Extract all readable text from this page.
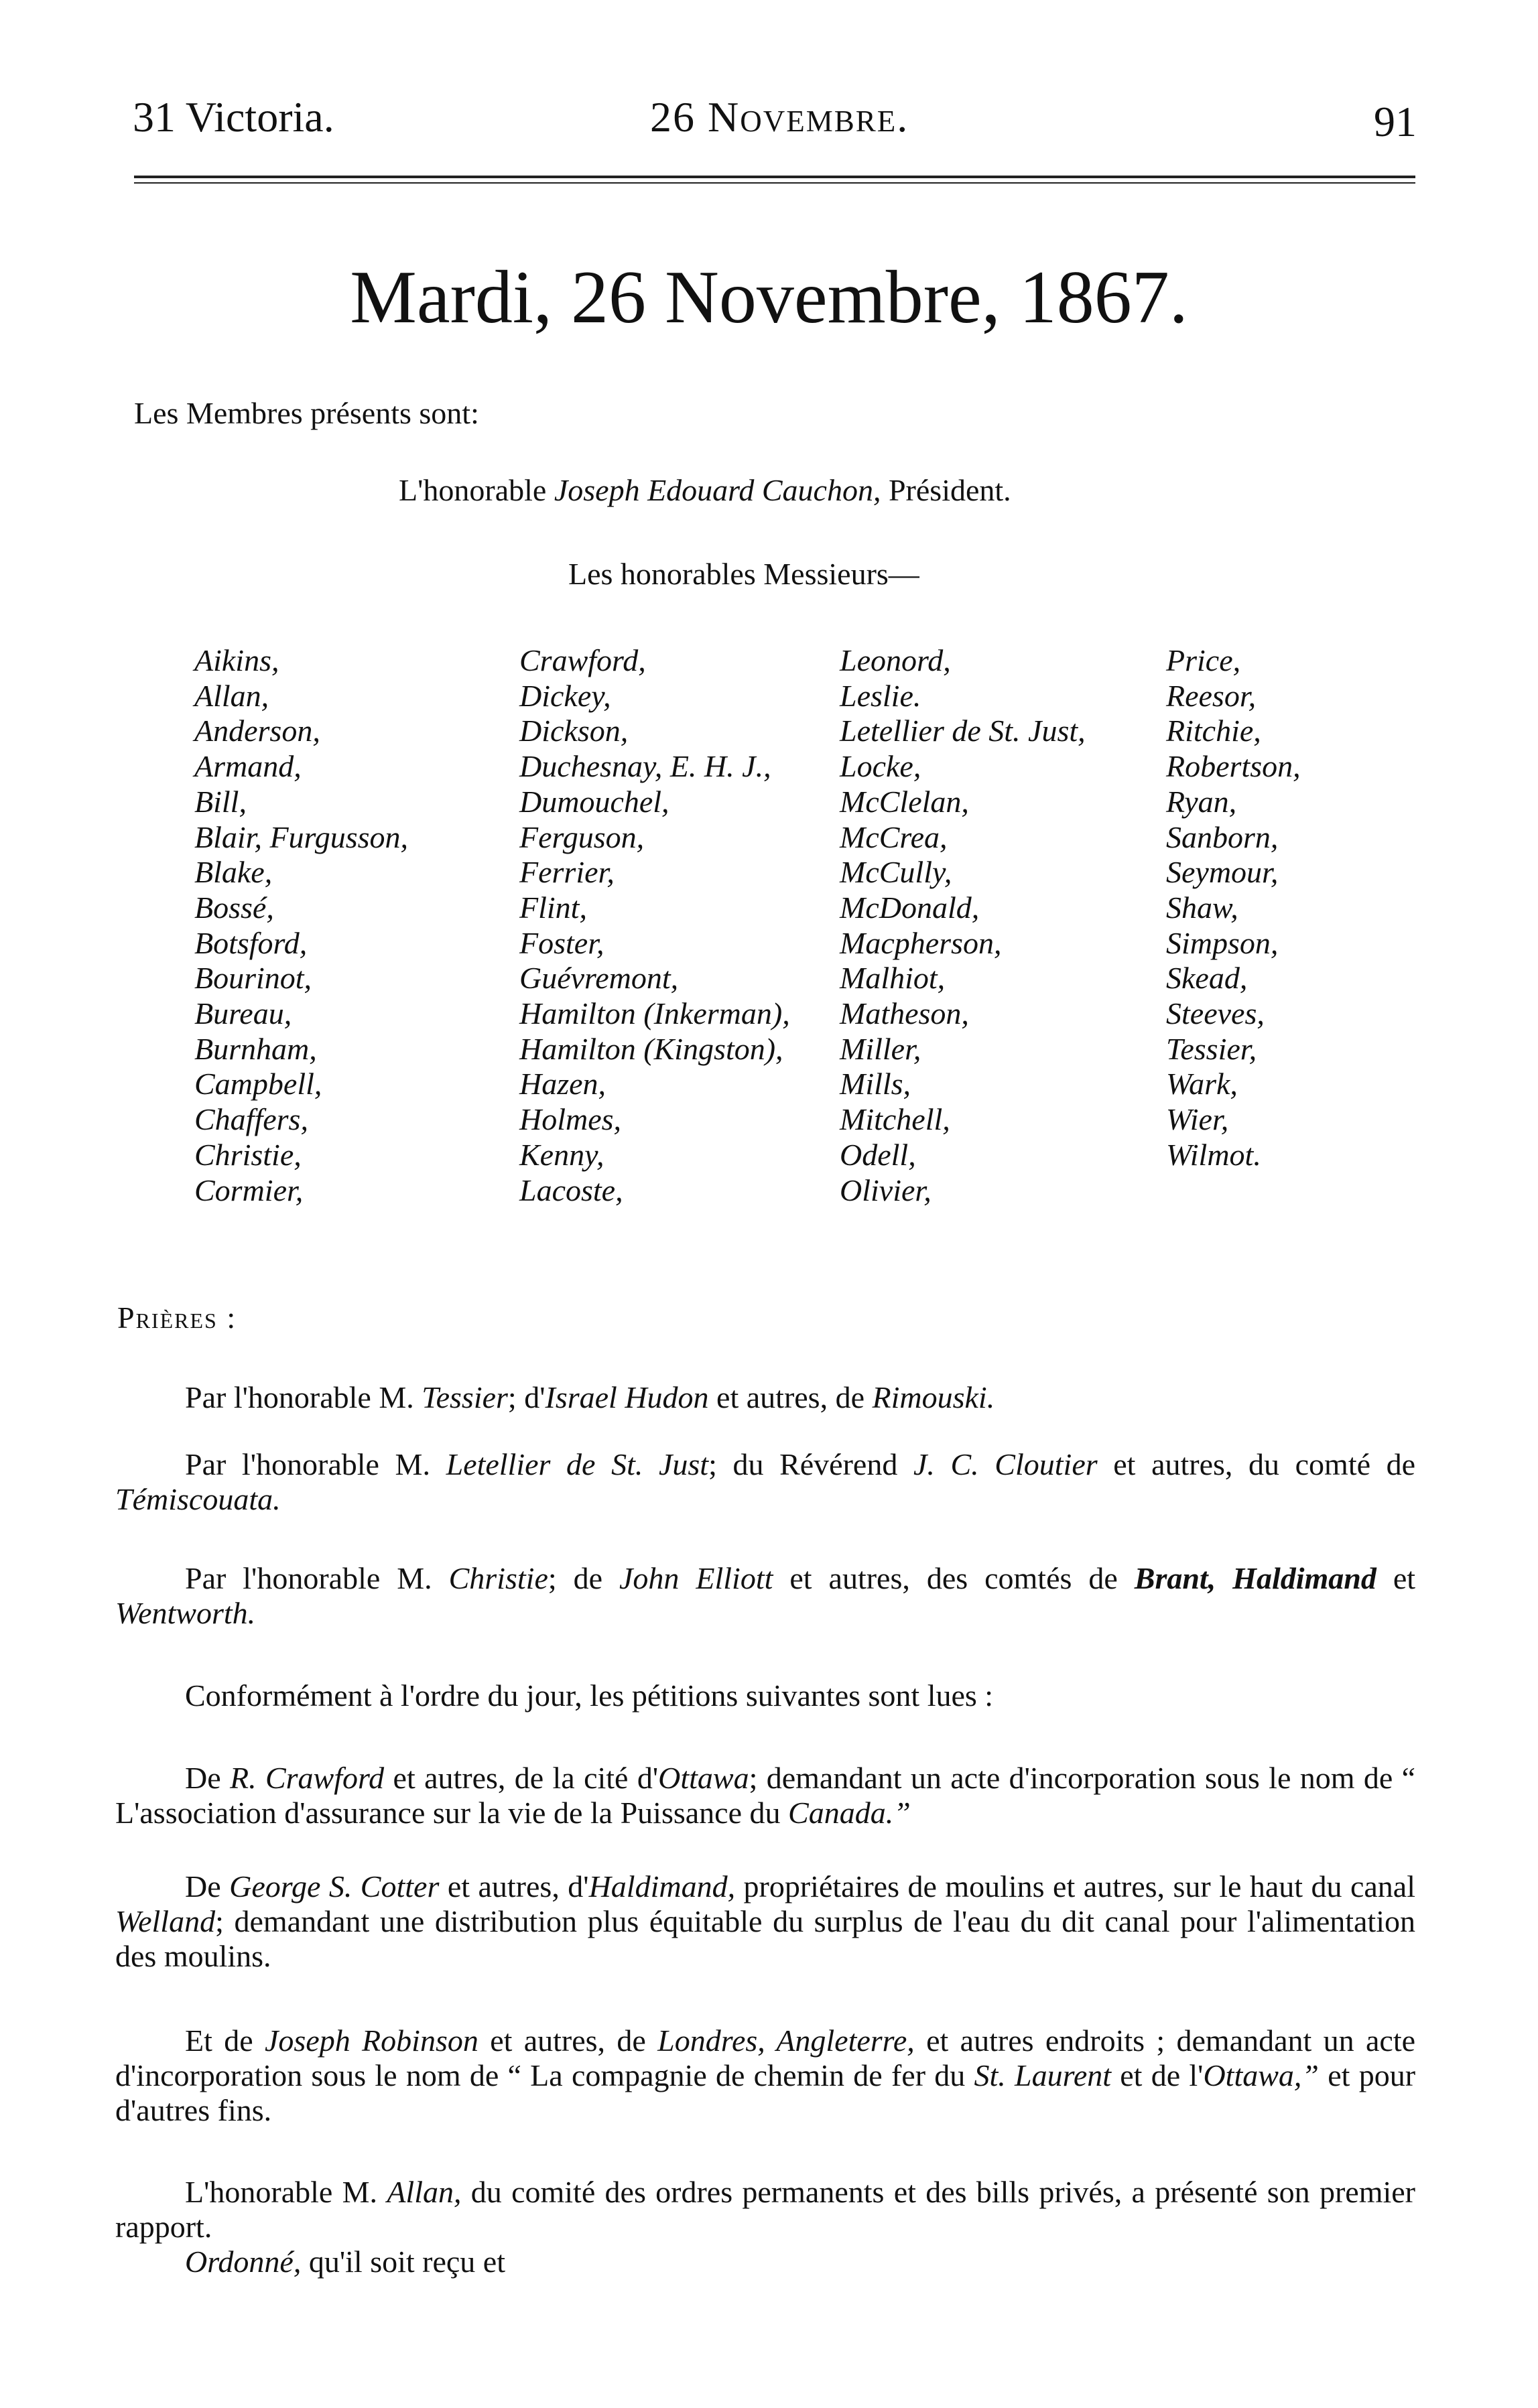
31 Victoria.	26 Novembre.	91
Mardi, 26 Novembre, 1867.
Les Membres présents sont:
L'honorable Joseph Edouard Cauchon, Président.
Les honorables Messieurs—
Aikins,
Allan,
Anderson,
Armand,
Bill,
Blair, Furgusson,
Blake,
Bossé,
Botsford,
Bourinot,
Bureau,
Burnham,
Campbell,
Chaffers,
Christie,
Cormier,
Crawford,
Dickey,
Dickson,
Duchesnay, E. H. J.,
Dumouchel,
Ferguson,
Ferrier,
Flint,
Foster,
Guévremont,
Hamilton (Inkerman),
Hamilton (Kingston),
Hazen,
Holmes,
Kenny,
Lacoste,
Leonord,
Leslie.
Letellier de St. Just,
Locke,
McClelan,
McCrea,
McCully,
McDonald,
Macpherson,
Malhiot,
Matheson,
Miller,
Mills,
Mitchell,
Odell,
Olivier,
Price,
Reesor,
Ritchie,
Robertson,
Ryan,
Sanborn,
Seymour,
Shaw,
Simpson,
Skead,
Steeves,
Tessier,
Wark,
Wier,
Wilmot.
Prières :
Par l'honorable M. Tessier; d'Israel Hudon et autres, de Rimouski.
Par l'honorable M. Letellier de St. Just; du Révérend J. C. Cloutier et autres, du comté de Témiscouata.
Par l'honorable M. Christie; de John Elliott et autres, des comtés de Brant, Haldimand et Wentworth.
Conformément à l'ordre du jour, les pétitions suivantes sont lues :
De R. Crawford et autres, de la cité d'Ottawa; demandant un acte d'incorporation sous le nom de “ L'association d'assurance sur la vie de la Puissance du Canada.”
De George S. Cotter et autres, d'Haldimand, propriétaires de moulins et autres, sur le haut du canal Welland; demandant une distribution plus équitable du surplus de l'eau du dit canal pour l'alimentation des moulins.
Et de Joseph Robinson et autres, de Londres, Angleterre, et autres endroits ; demandant un acte d'incorporation sous le nom de “ La compagnie de chemin de fer du St. Laurent et de l'Ottawa,” et pour d'autres fins.
L'honorable M. Allan, du comité des ordres permanents et des bills privés, a présenté son premier rapport.
Ordonné, qu'il soit reçu et
